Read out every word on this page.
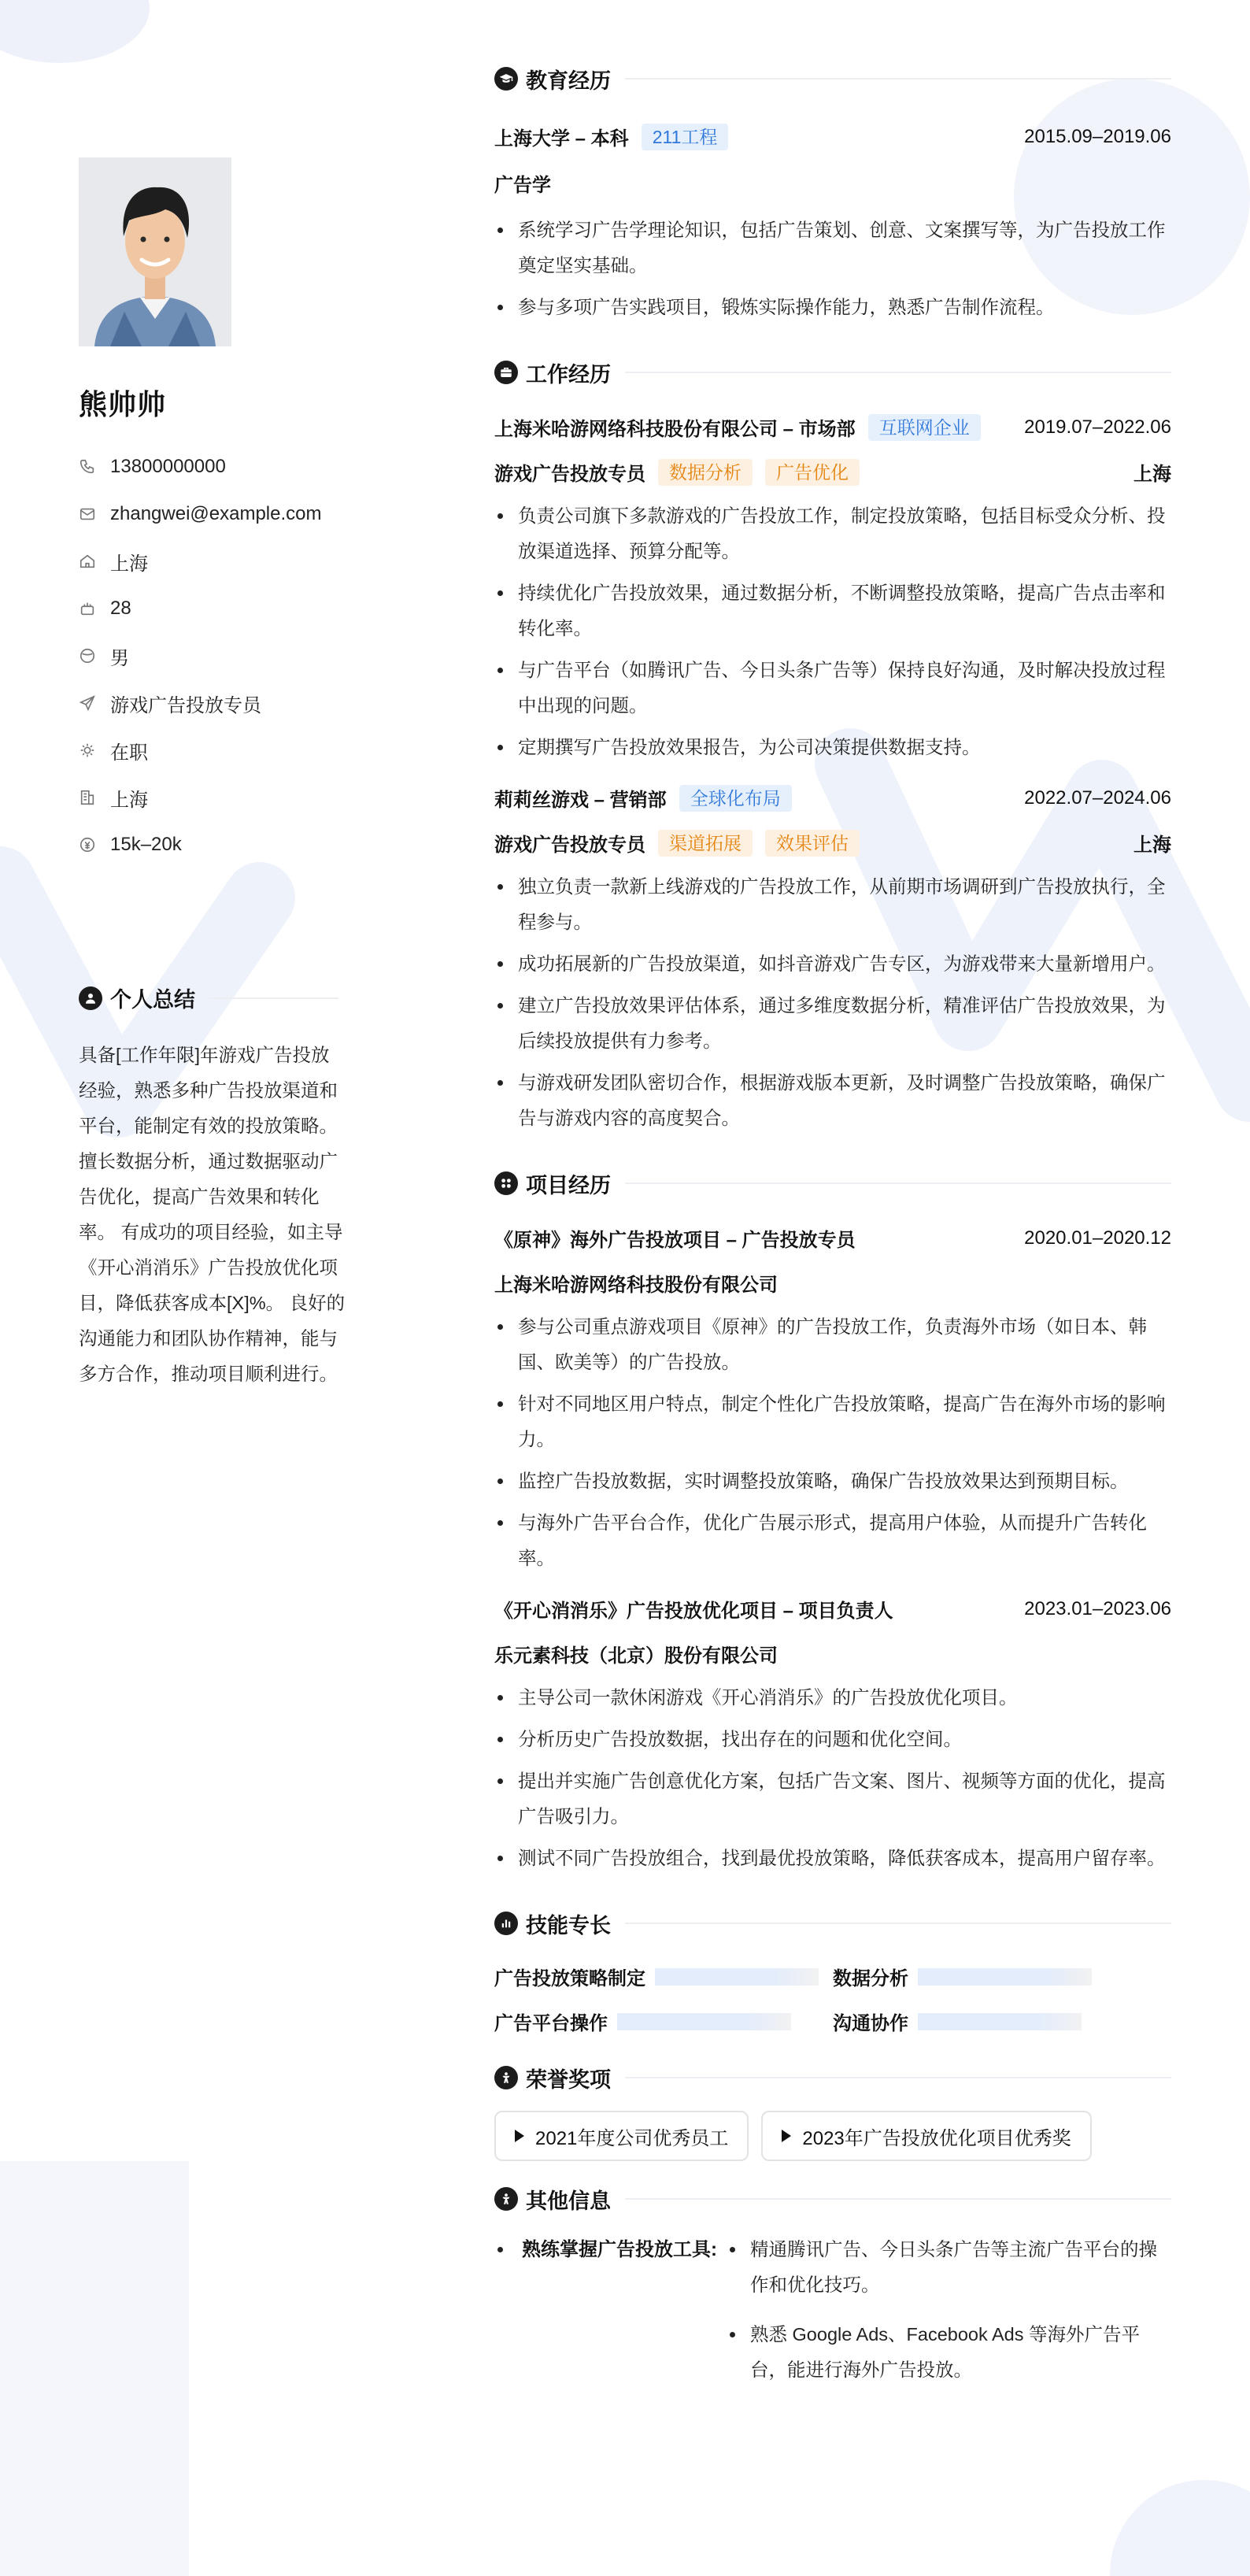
熊帅帅
13800000000
zhangwei@example.com
上海
28
男
游戏广告投放专员
在职
上海
15k–20k
个人总结
具备[工作年限]年游戏广告投放经验，熟悉多种广告投放渠道和平台，能制定有效的投放策略。 擅长数据分析，通过数据驱动广告优化，提高广告效果和转化率。 有成功的项目经验，如主导《开心消消乐》广告投放优化项目，降低获客成本[X]%。 良好的沟通能力和团队协作精神，能与多方合作，推动项目顺利进行。
教育经历
上海大学 – 本科	211工程	2015.09–2019.06
广告学
系统学习广告学理论知识，包括广告策划、创意、文案撰写等，为广告投放工作奠定坚实基础。
参与多项广告实践项目，锻炼实际操作能力，熟悉广告制作流程。
工作经历
上海米哈游网络科技股份有限公司 – 市场部	互联网企业	2019.07–2022.06
游戏广告投放专员	数据分析	广告优化	上海
负责公司旗下多款游戏的广告投放工作，制定投放策略，包括目标受众分析、投放渠道选择、预算分配等。
持续优化广告投放效果，通过数据分析，不断调整投放策略，提高广告点击率和转化率。
与广告平台（如腾讯广告、今日头条广告等）保持良好沟通，及时解决投放过程中出现的问题。
定期撰写广告投放效果报告，为公司决策提供数据支持。
莉莉丝游戏 – 营销部	全球化布局	2022.07–2024.06
游戏广告投放专员	渠道拓展	效果评估	上海
独立负责一款新上线游戏的广告投放工作，从前期市场调研到广告投放执行，全程参与。
成功拓展新的广告投放渠道，如抖音游戏广告专区，为游戏带来大量新增用户。
建立广告投放效果评估体系，通过多维度数据分析，精准评估广告投放效果，为后续投放提供有力参考。
与游戏研发团队密切合作，根据游戏版本更新，及时调整广告投放策略，确保广告与游戏内容的高度契合。
项目经历
《原神》海外广告投放项目 – 广告投放专员	2020.01–2020.12
上海米哈游网络科技股份有限公司
参与公司重点游戏项目《原神》的广告投放工作，负责海外市场（如日本、韩国、欧美等）的广告投放。
针对不同地区用户特点，制定个性化广告投放策略，提高广告在海外市场的影响力。
监控广告投放数据，实时调整投放策略，确保广告投放效果达到预期目标。
与海外广告平台合作，优化广告展示形式，提高用户体验，从而提升广告转化率。
《开心消消乐》广告投放优化项目 – 项目负责人	2023.01–2023.06
乐元素科技（北京）股份有限公司
主导公司一款休闲游戏《开心消消乐》的广告投放优化项目。
分析历史广告投放数据，找出存在的问题和优化空间。
提出并实施广告创意优化方案，包括广告文案、图片、视频等方面的优化，提高广告吸引力。
测试不同广告投放组合，找到最优投放策略，降低获客成本，提高用户留存率。
技能专长
广告投放策略制定	数据分析
广告平台操作	沟通协作
荣誉奖项
2021年度公司优秀员工	2023年广告投放优化项目优秀奖
其他信息
熟练掌握广告投放工具:	精通腾讯广告、今日头条广告等主流广告平台的操作和优化技巧。
熟悉 Google Ads、Facebook Ads 等海外广告平台，能进行海外广告投放。
